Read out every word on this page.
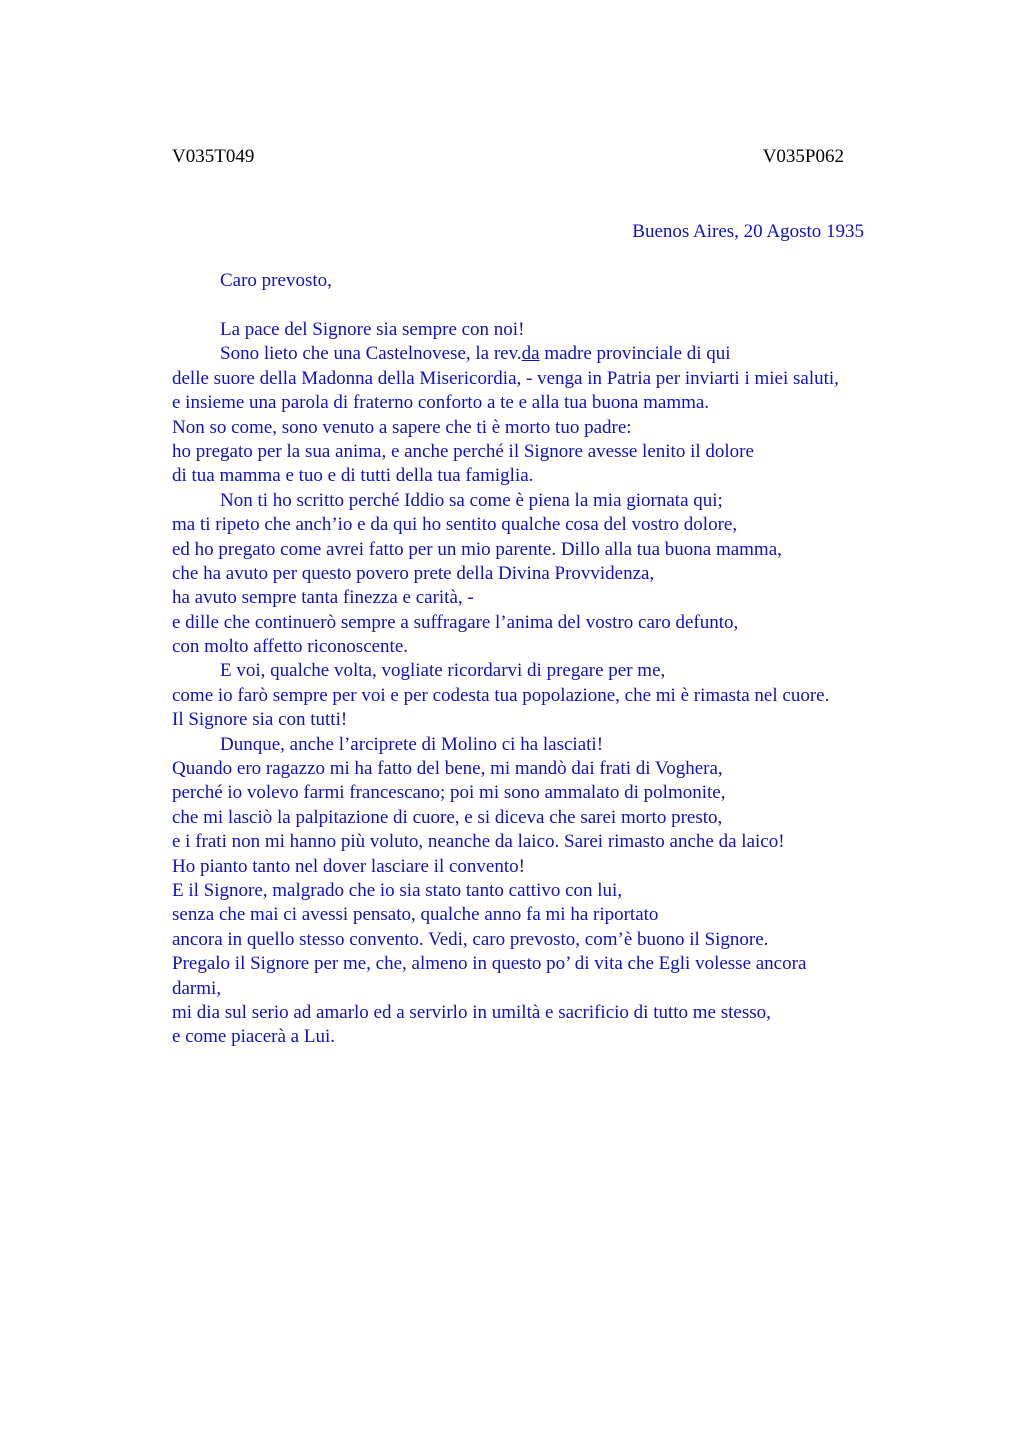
V035T049	V035P062
Buenos Aires, 20 Agosto 1935
Caro prevosto,
La pace del Signore sia sempre con noi!
Sono lieto che una Castelnovese, la rev.da madre provinciale di qui
delle suore della Madonna della Misericordia, - venga in Patria per inviarti i miei saluti,
e insieme una parola di fraterno conforto a te e alla tua buona mamma.
Non so come, sono venuto a sapere che ti è morto tuo padre:
ho pregato per la sua anima, e anche perché il Signore avesse lenito il dolore
di tua mamma e tuo e di tutti della tua famiglia.
Non ti ho scritto perché Iddio sa come è piena la mia giornata qui;
ma ti ripeto che anch’io e da qui ho sentito qualche cosa del vostro dolore,
ed ho pregato come avrei fatto per un mio parente. Dillo alla tua buona mamma,
che ha avuto per questo povero prete della Divina Provvidenza,
ha avuto sempre tanta finezza e carità, -
e dille che continuerò sempre a suffragare l’anima del vostro caro defunto,
con molto affetto riconoscente.
E voi, qualche volta, vogliate ricordarvi di pregare per me,
come io farò sempre per voi e per codesta tua popolazione, che mi è rimasta nel cuore.
Il Signore sia con tutti!
Dunque, anche l’arciprete di Molino ci ha lasciati!
Quando ero ragazzo mi ha fatto del bene, mi mandò dai frati di Voghera,
perché io volevo farmi francescano; poi mi sono ammalato di polmonite,
che mi lasciò la palpitazione di cuore, e si diceva che sarei morto presto,
e i frati non mi hanno più voluto, neanche da laico. Sarei rimasto anche da laico!
Ho pianto tanto nel dover lasciare il convento!
E il Signore, malgrado che io sia stato tanto cattivo con lui,
senza che mai ci avessi pensato, qualche anno fa mi ha riportato
ancora in quello stesso convento. Vedi, caro prevosto, com’è buono il Signore.
Pregalo il Signore per me, che, almeno in questo po’ di vita che Egli volesse ancora
darmi,
mi dia sul serio ad amarlo ed a servirlo in umiltà e sacrificio di tutto me stesso,
e come piacerà a Lui.
